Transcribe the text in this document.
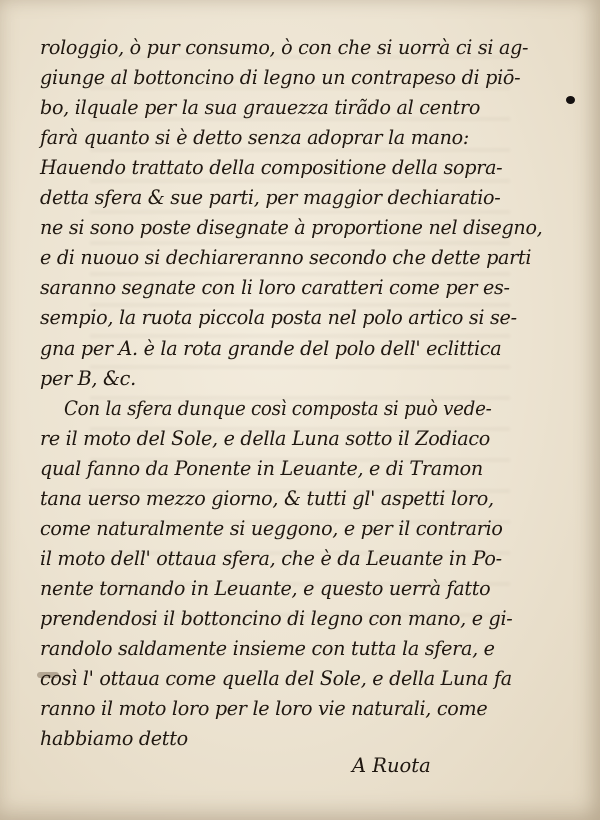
rologgio, ò pur consumo, ò con che si uorrà ci si ag-
giunge al bottoncino di legno un contrapeso di piō-
bo, ilquale per la sua grauezza tirãdo al centro
farà quanto si è detto senza adoprar la mano:
Hauendo trattato della compositione della sopra-
detta sfera & sue parti, per maggior dechiaratio-
ne si sono poste disegnate à proportione nel disegno,
e di nuouo si dechiareranno secondo che dette parti
saranno segnate con li loro caratteri come per es-
sempio, la ruota piccola posta nel polo artico si se-
gna per A. è la rota grande del polo dell' eclittica
per B, &c.
Con la sfera dunque così composta si può vede-
re il moto del Sole, e della Luna sotto il Zodiaco
qual fanno da Ponente in Leuante, e di Tramon
tana uerso mezzo giorno, & tutti gl' aspetti loro,
come naturalmente si ueggono, e per il contrario
il moto dell' ottaua sfera, che è da Leuante in Po-
nente tornando in Leuante, e questo uerrà fatto
prendendosi il bottoncino di legno con mano, e gi-
randolo saldamente insieme con tutta la sfera, e
così l' ottaua come quella del Sole, e della Luna fa
ranno il moto loro per le loro vie naturali, come
habbiamo detto
A Ruota
